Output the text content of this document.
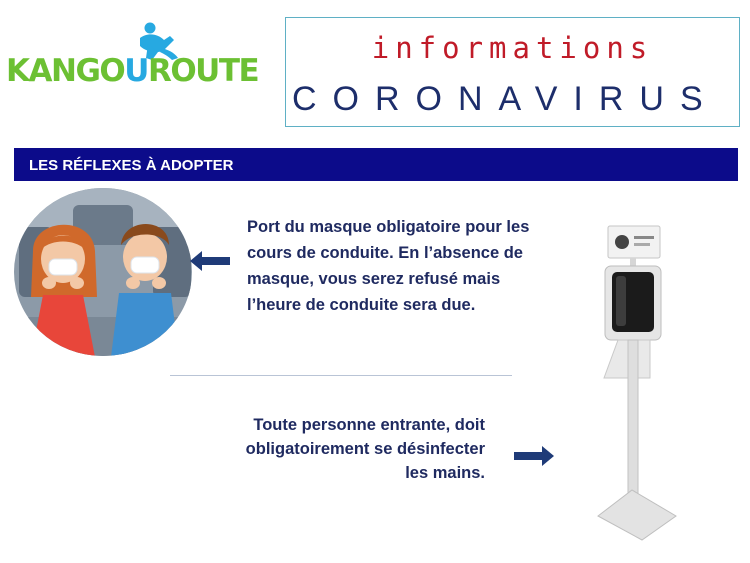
KANGOUROUTE
informations
CORONAVIRUS
LES RÉFLEXES À ADOPTER
Port du masque obligatoire pour les
cours de conduite. En l’absence de
masque, vous serez refusé mais
l’heure de conduite sera due.
Toute personne entrante, doit
obligatoirement se désinfecter
les mains.
